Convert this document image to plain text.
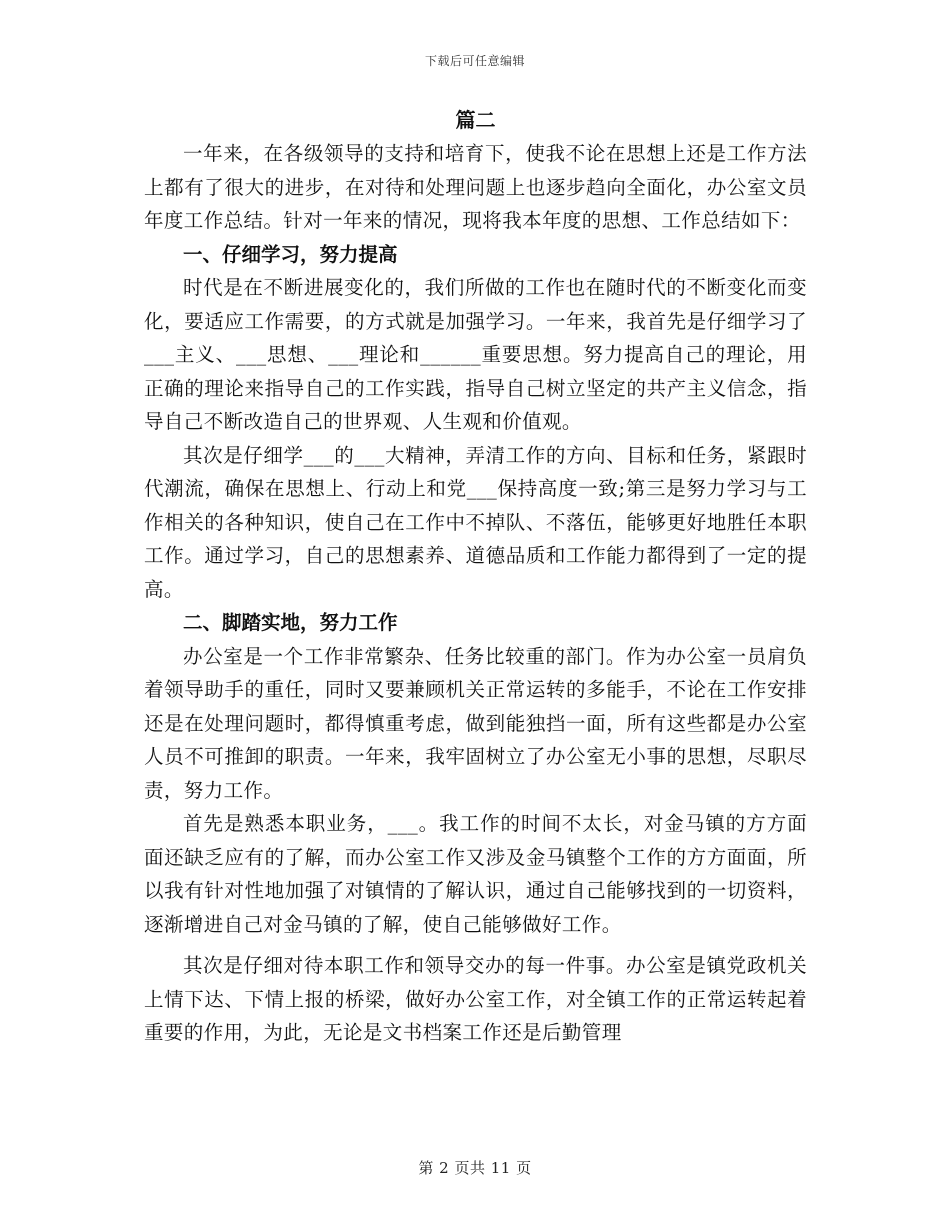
下载后可任意编辑
篇二

一年来，在各级领导的支持和培育下，使我不论在思想上还是工作方法上都有了很大的进步，在对待和处理问题上也逐步趋向全面化，办公室文员年度工作总结。针对一年来的情况，现将我本年度的思想、工作总结如下：

一、仔细学习，努力提高

时代是在不断进展变化的，我们所做的工作也在随时代的不断变化而变化，要适应工作需要，的方式就是加强学习。一年来，我首先是仔细学习了___主义、___思想、___理论和______重要思想。努力提高自己的理论，用正确的理论来指导自己的工作实践，指导自己树立坚定的共产主义信念，指导自己不断改造自己的世界观、人生观和价值观。

其次是仔细学___的___大精神，弄清工作的方向、目标和任务，紧跟时代潮流，确保在思想上、行动上和党___保持高度一致;第三是努力学习与工作相关的各种知识，使自己在工作中不掉队、不落伍，能够更好地胜任本职工作。通过学习，自己的思想素养、道德品质和工作能力都得到了一定的提高。

二、脚踏实地，努力工作

办公室是一个工作非常繁杂、任务比较重的部门。作为办公室一员肩负着领导助手的重任，同时又要兼顾机关正常运转的多能手，不论在工作安排还是在处理问题时，都得慎重考虑，做到能独挡一面，所有这些都是办公室人员不可推卸的职责。一年来，我牢固树立了办公室无小事的思想，尽职尽责，努力工作。

首先是熟悉本职业务，___。我工作的时间不太长，对金马镇的方方面面还缺乏应有的了解，而办公室工作又涉及金马镇整个工作的方方面面，所以我有针对性地加强了对镇情的了解认识，通过自己能够找到的一切资料，逐渐增进自己对金马镇的了解，使自己能够做好工作。

其次是仔细对待本职工作和领导交办的每一件事。办公室是镇党政机关上情下达、下情上报的桥梁，做好办公室工作，对全镇工作的正常运转起着重要的作用，为此，无论是文书档案工作还是后勤管理

第 2 页共 11 页
